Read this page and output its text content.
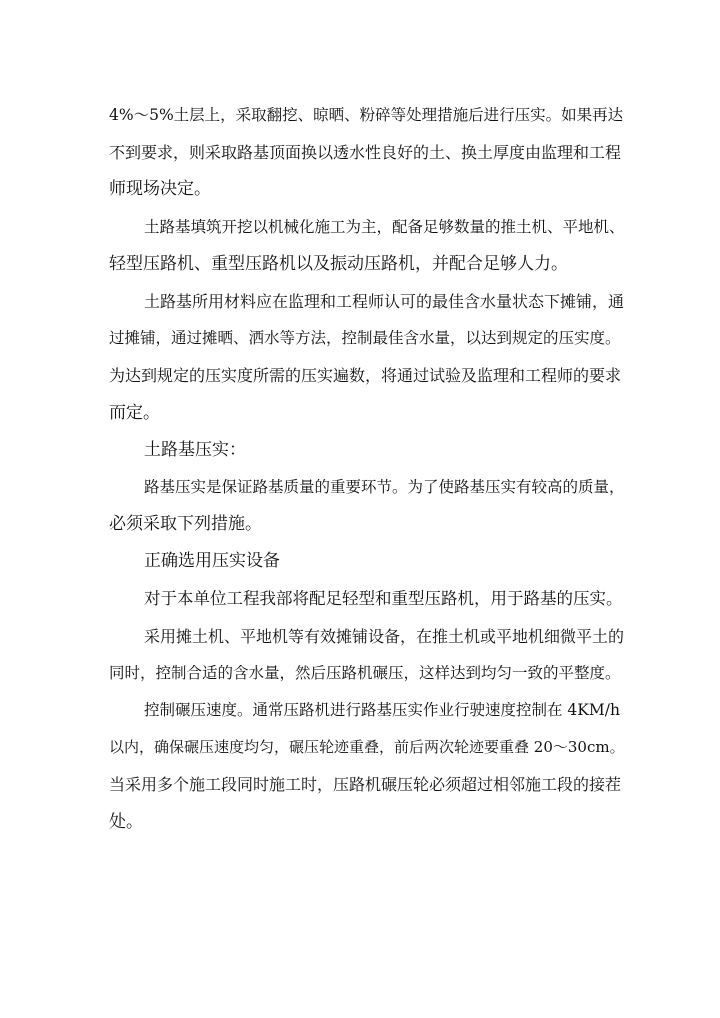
4%～5%土层上，采取翻挖、晾晒、粉碎等处理措施后进行压实。如果再达
不到要求，则采取路基顶面换以透水性良好的土、换土厚度由监理和工程
师现场决定。
土路基填筑开挖以机械化施工为主，配备足够数量的推土机、平地机、
轻型压路机、重型压路机以及振动压路机，并配合足够人力。
土路基所用材料应在监理和工程师认可的最佳含水量状态下摊铺，通
过摊铺，通过摊晒、洒水等方法，控制最佳含水量，以达到规定的压实度。
为达到规定的压实度所需的压实遍数，将通过试验及监理和工程师的要求
而定。
土路基压实：
路基压实是保证路基质量的重要环节。为了使路基压实有较高的质量，
必须采取下列措施。
正确选用压实设备
对于本单位工程我部将配足轻型和重型压路机，用于路基的压实。
采用摊土机、平地机等有效摊铺设备，在推土机或平地机细微平土的
同时，控制合适的含水量，然后压路机碾压，这样达到均匀一致的平整度。
控制碾压速度。通常压路机进行路基压实作业行驶速度控制在 4KM/h
以内，确保碾压速度均匀，碾压轮迹重叠，前后两次轮迹要重叠 20～30cm。
当采用多个施工段同时施工时，压路机碾压轮必须超过相邻施工段的接茬
处。
